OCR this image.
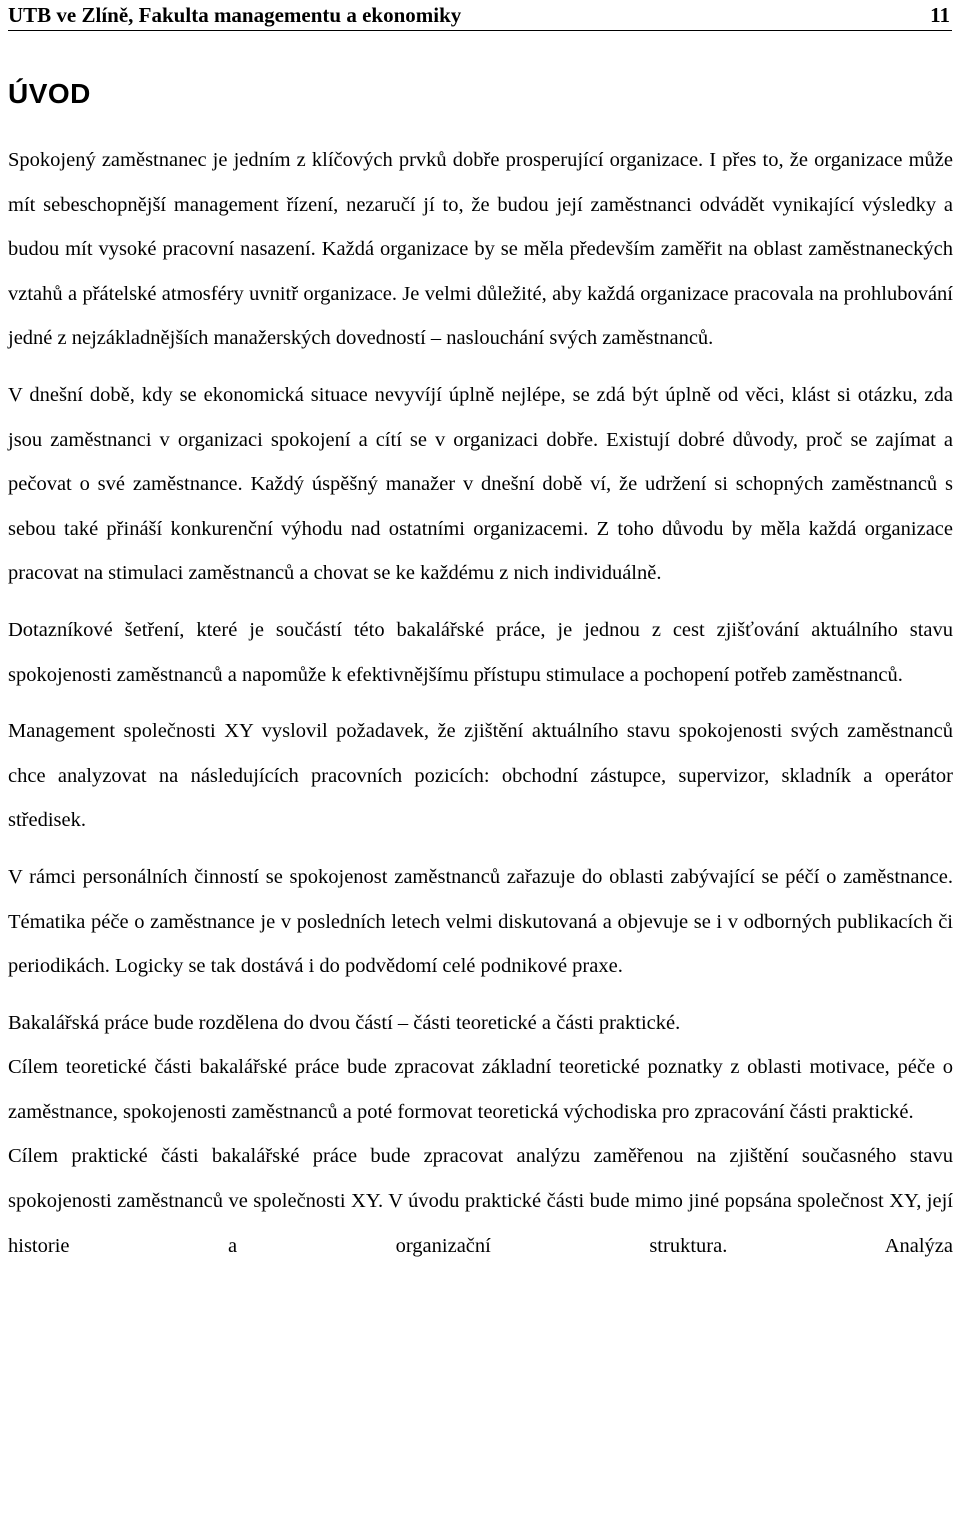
UTB ve Zlíně, Fakulta managementu a ekonomiky	11
ÚVOD

Spokojený zaměstnanec je jedním z klíčových prvků dobře prosperující organizace. I přes to, že organizace může mít sebeschopnější management řízení, nezaručí jí to, že budou její zaměstnanci odvádět vynikající výsledky a budou mít vysoké pracovní nasazení. Každá organizace by se měla především zaměřit na oblast zaměstnaneckých vztahů a přátelské atmosféry uvnitř organizace. Je velmi důležité, aby každá organizace pracovala na prohlubování jedné z nejzákladnějších manažerských dovedností – naslouchání svých zaměstnanců.

V dnešní době, kdy se ekonomická situace nevyvíjí úplně nejlépe, se zdá být úplně od věci, klást si otázku, zda jsou zaměstnanci v organizaci spokojení a cítí se v organizaci dobře. Existují dobré důvody, proč se zajímat a pečovat o své zaměstnance. Každý úspěšný manažer v dnešní době ví, že udržení si schopných zaměstnanců s sebou také přináší konkurenční výhodu nad ostatními organizacemi. Z toho důvodu by měla každá organizace pracovat na stimulaci zaměstnanců a chovat se ke každému z nich individuálně.

Dotazníkové šetření, které je součástí této bakalářské práce, je jednou z cest zjišťování aktuálního stavu spokojenosti zaměstnanců a napomůže k efektivnějšímu přístupu stimulace a pochopení potřeb zaměstnanců.

Management společnosti XY vyslovil požadavek, že zjištění aktuálního stavu spokojenosti svých zaměstnanců chce analyzovat na následujících pracovních pozicích: obchodní zástupce, supervizor, skladník a operátor středisek.

V rámci personálních činností se spokojenost zaměstnanců zařazuje do oblasti zabývající se péčí o zaměstnance. Tématika péče o zaměstnance je v posledních letech velmi diskutovaná a objevuje se i v odborných publikacích či periodikách. Logicky se tak dostává i do podvědomí celé podnikové praxe.

Bakalářská práce bude rozdělena do dvou částí – části teoretické a části praktické.

Cílem teoretické části bakalářské práce bude zpracovat základní teoretické poznatky z oblasti motivace, péče o zaměstnance, spokojenosti zaměstnanců a poté formovat teoretická východiska pro zpracování části praktické.

Cílem praktické části bakalářské práce bude zpracovat analýzu zaměřenou na zjištění současného stavu spokojenosti zaměstnanců ve společnosti XY. V úvodu praktické části bude mimo jiné popsána společnost XY, její historie a organizační struktura. Analýza
